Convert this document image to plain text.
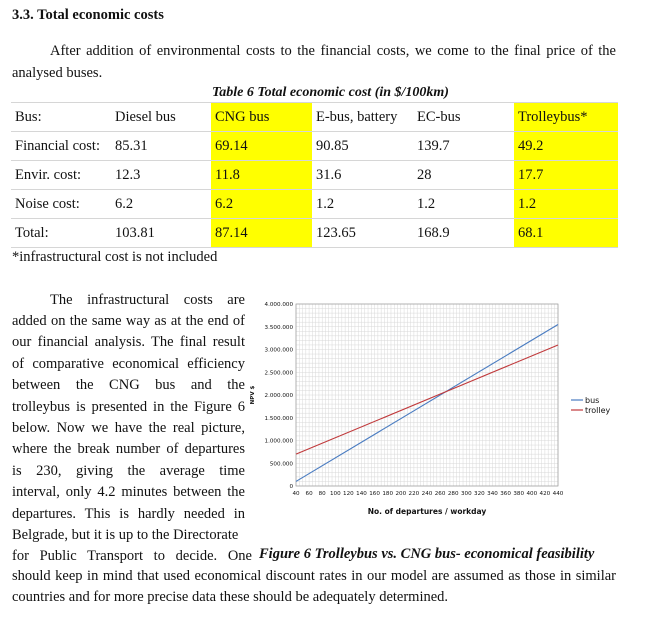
3.3. Total economic costs
After addition of environmental costs to the financial costs, we come to the final price of the analysed buses.
Table 6 Total economic cost (in $/100km)
Bus:	Diesel bus	CNG bus	E-bus, battery	EC-bus	Trolleybus*
Financial cost:	85.31	69.14	90.85	139.7	49.2
Envir. cost:	12.3	11.8	31.6	28	17.7
Noise cost:	6.2	6.2	1.2	1.2	1.2
Total:	103.81	87.14	123.65	168.9	68.1
*infrastructural cost is not included
The infrastructural costs are
added on the same way as at the end of
our financial analysis. The final result
of comparative economical efficiency
between the CNG bus and the
trolleybus is presented in the Figure 6
below. Now we have the real picture,
where the break number of departures
is 230, giving the average time
interval, only 4.2 minutes between the
departures. This is hardly needed in
Belgrade, but it is up to the Directorate
for Public Transport to decide. One Figure 6 Trolleybus vs. CNG bus- economical feasibility
should keep in mind that used economical discount rates in our model are assumed as those in similar countries and for more precise data these should be adequately determined.
0
500.000
1.000.000
1.500.000
2.000.000
2.500.000
3.000.000
3.500.000
4.000.000
40 60 80 100 120 140 160 180 200 220 240 260 280 300 320 340 360 380 400 420 440
bus
trolley
No. of departures / workday
NPV $
